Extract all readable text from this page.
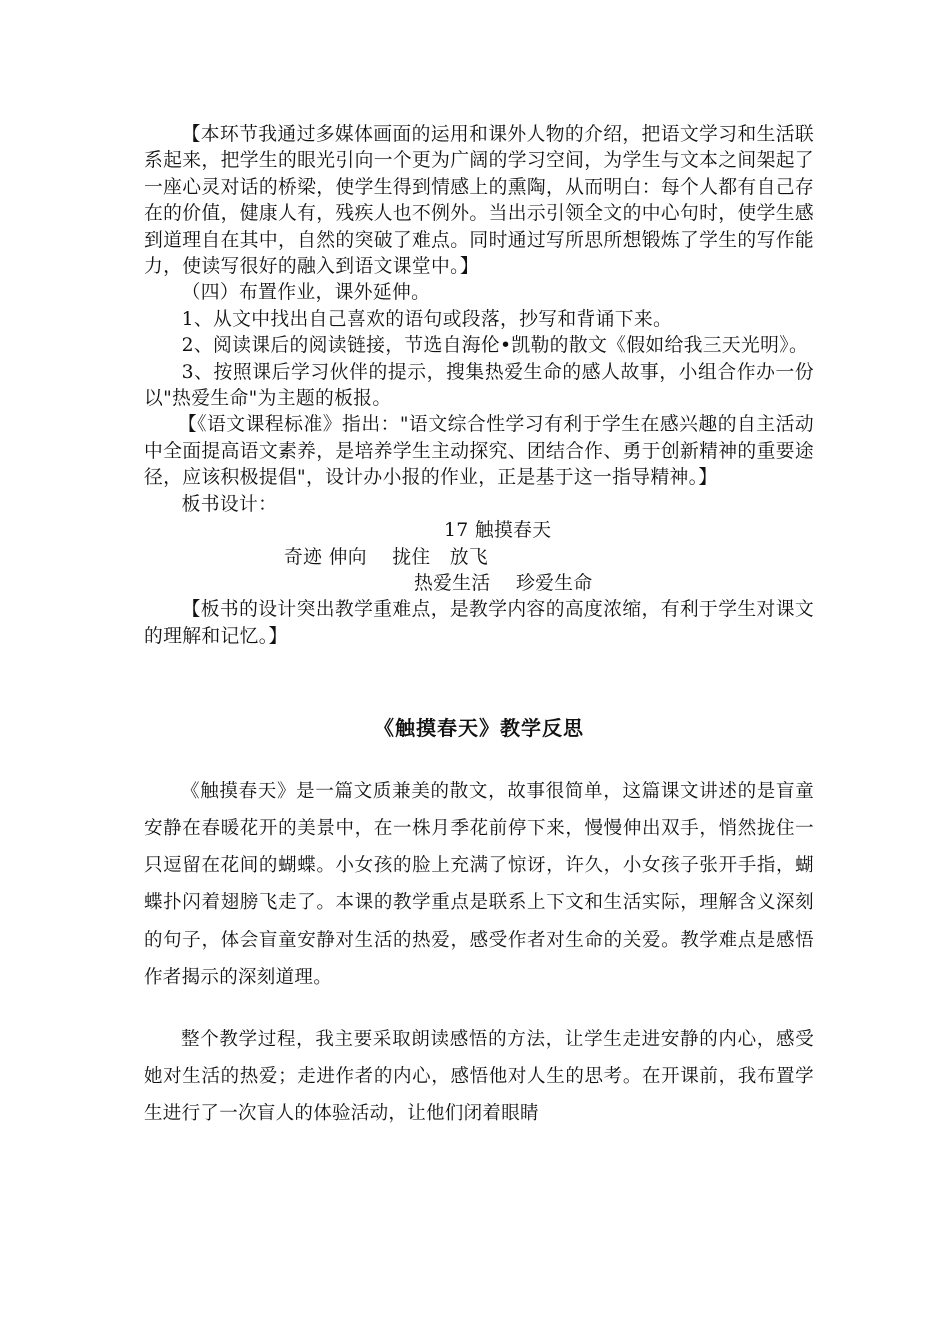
【本环节我通过多媒体画面的运用和课外人物的介绍，把语文学习和生活联系起来，把学生的眼光引向一个更为广阔的学习空间，为学生与文本之间架起了一座心灵对话的桥梁，使学生得到情感上的熏陶，从而明白：每个人都有自己存在的价值，健康人有，残疾人也不例外。当出示引领全文的中心句时，使学生感到道理自在其中，自然的突破了难点。同时通过写所思所想锻炼了学生的写作能力，使读写很好的融入到语文课堂中。】

（四）布置作业，课外延伸。

1、从文中找出自己喜欢的语句或段落，抄写和背诵下来。

2、阅读课后的阅读链接，节选自海伦•凯勒的散文《假如给我三天光明》。

3、按照课后学习伙伴的提示，搜集热爱生命的感人故事，小组合作办一份以"热爱生命"为主题的板报。

【《语文课程标准》指出："语文综合性学习有利于学生在感兴趣的自主活动中全面提高语文素养，是培养学生主动探究、团结合作、勇于创新精神的重要途径，应该积极提倡"，设计办小报的作业，正是基于这一指导精神。】

板书设计：

17 触摸春天

奇迹 伸向　 拢住　放飞

热爱生活　 珍爱生命

【板书的设计突出教学重难点，是教学内容的高度浓缩，有利于学生对课文的理解和记忆。】

《触摸春天》教学反思

《触摸春天》是一篇文质兼美的散文，故事很简单，这篇课文讲述的是盲童安静在春暖花开的美景中，在一株月季花前停下来，慢慢伸出双手，悄然拢住一只逗留在花间的蝴蝶。小女孩的脸上充满了惊讶，许久，小女孩子张开手指，蝴蝶扑闪着翅膀飞走了。本课的教学重点是联系上下文和生活实际，理解含义深刻的句子，体会盲童安静对生活的热爱，感受作者对生命的关爱。教学难点是感悟作者揭示的深刻道理。

整个教学过程，我主要采取朗读感悟的方法，让学生走进安静的内心，感受她对生活的热爱；走进作者的内心，感悟他对人生的思考。在开课前，我布置学生进行了一次盲人的体验活动，让他们闭着眼睛
